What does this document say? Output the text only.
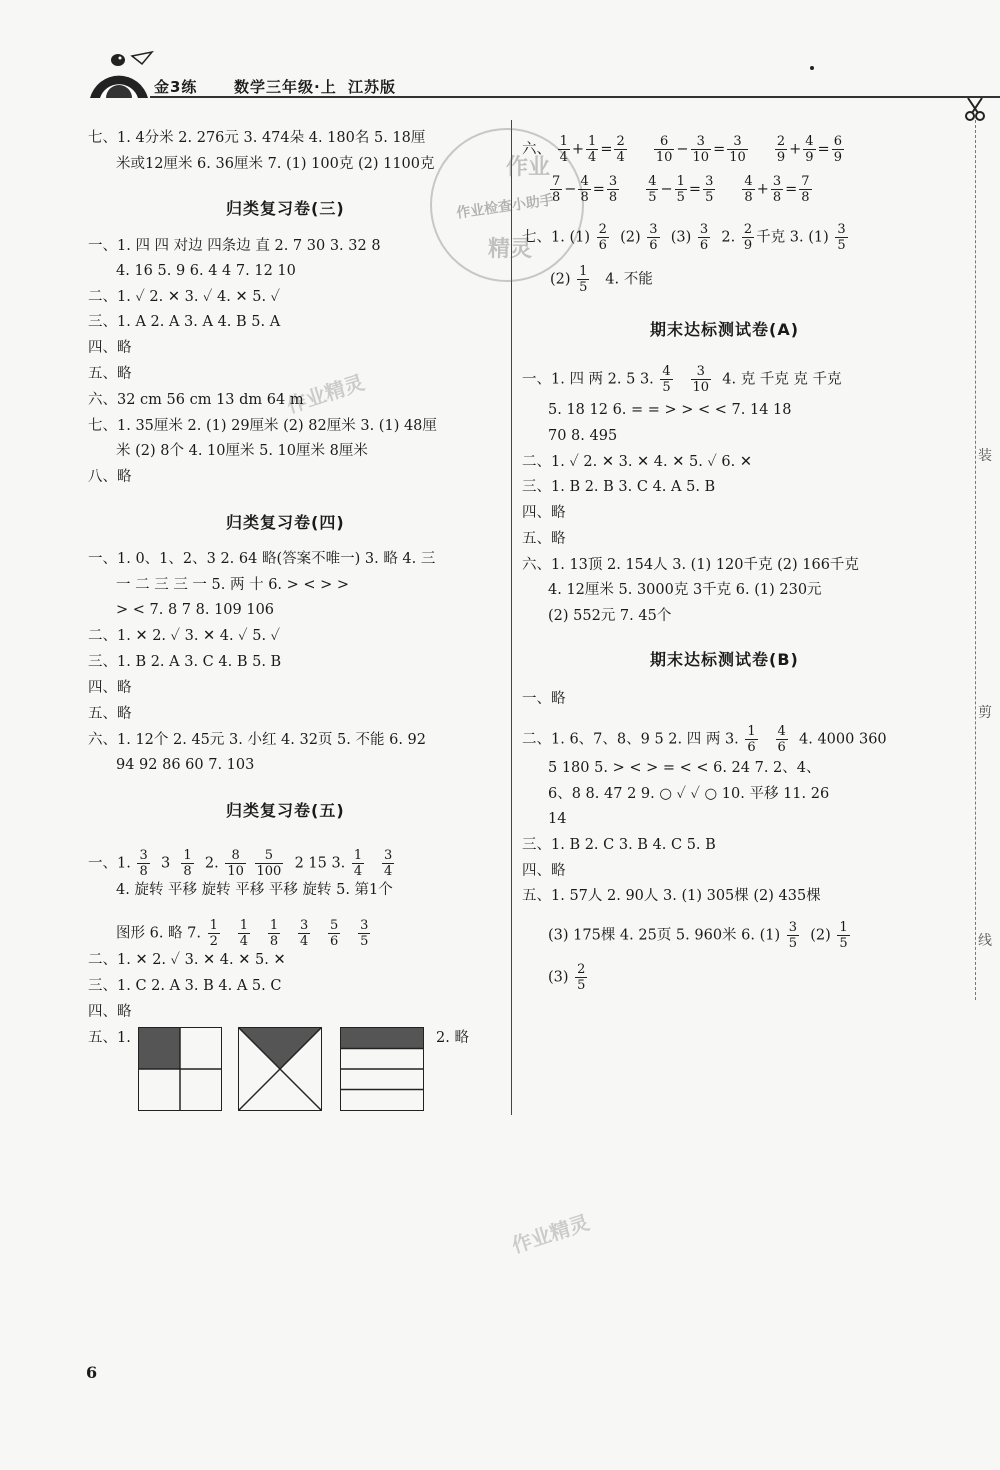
金3练 数学三年级·上 江苏版
作业
作业检查小助手
精灵
作业精灵
作业精灵
七、1. 4分米 2. 276元 3. 474朵 4. 180名 5. 18厘
米或12厘米 6. 36厘米 7. (1) 100克 (2) 1100克
归类复习卷(三)
一、1. 四 四 对边 四条边 直 2. 7 30 3. 32 8
4. 16 5. 9 6. 4 4 7. 12 10
二、1. ✓ 2. ✕ 3. ✓ 4. ✕ 5. ✓
三、1. A 2. A 3. A 4. B 5. A
四、略
五、略
六、32 cm 56 cm 13 dm 64 m
七、1. 35厘米 2. (1) 29厘米 (2) 82厘米 3. (1) 48厘
米 (2) 8个 4. 10厘米 5. 10厘米 8厘米
八、略
归类复习卷(四)
一、1. 0、1、2、3 2. 64 略(答案不唯一) 3. 略 4. 三
一 二 三 三 一 5. 两 十 6. > < > >
> < 7. 8 7 8. 109 106
二、1. ✕ 2. ✓ 3. ✕ 4. ✓ 5. ✓
三、1. B 2. A 3. C 4. B 5. B
四、略
五、略
六、1. 12个 2. 45元 3. 小红 4. 32页 5. 不能 6. 92
94 92 86 60 7. 103
归类复习卷(五)
一、1. $\frac{3}{8} 3 \frac{1}{8} 2$. $\frac{8}{10}$
$\frac{5}{100} 2$ 15 3. $\frac{1}{4}$
$\frac{3}{4}$
4. 旋转 平移 旋转 平移 平移 旋转 5. 第1个
图形 6. 略 7. $\frac{1}{2}$
$\frac{1}{4}$
$\frac{1}{8}$
$\frac{3}{4}$
$\frac{5}{6}$
$\frac{3}{5}$
二、1. ✕ 2. ✓ 3. ✕ 4. ✕ 5. ✕
三、1. C 2. A 3. B 4. A 5. C
四、略
五、1.	2. 略
六、 $\frac{1}{4} + \frac{1}{4} = \frac{2}{4}$
$\frac{6}{10} - \frac{3}{10} = \frac{3}{10}$
$\frac{2}{9} + \frac{4}{9} = \frac{6}{9}$
$\frac{7}{8} - \frac{4}{8} = \frac{3}{8}$
$\frac{4}{5} - \frac{1}{5} = \frac{3}{5}$
$\frac{4}{8} + \frac{3}{8} = \frac{7}{8}$
七、1. $(1) \frac{2}{6} (2) \frac{3}{6} (3) \frac{3}{6} 2$. $\frac{2}{9}$ 千克 3. $(1) \frac{3}{5}$
$(2) \frac{1}{5} 4$. 不能
期末达标测试卷(A)
一、1. 四 两 2. 5 3. $\frac{4}{5}$
$\frac{3}{10} 4$. 克 千克 克 千克
5. 18 12 6. = = > > < < 7. 14 18
70 8. 495
二、1. ✓ 2. ✕ 3. ✕ 4. ✕ 5. ✓ 6. ✕
三、1. B 2. B 3. C 4. A 5. B
四、略
五、略
六、1. 13顶 2. 154人 3. (1) 120千克 (2) 166千克
4. 12厘米 5. 3000克 3千克 6. (1) 230元
(2) 552元 7. 45个
期末达标测试卷(B)
一、略
二、1. 6、7、8、9 5 2. 四 两 3. $\frac{1}{6}$
$\frac{4}{6} 4$. 4000 360
5 180 5. > < > = < < 6. 24 7. 2、4、
6、8 8. 47 2 9. ○ ✓ ✓ ○ 10. 平移 11. 26
14
三、1. B 2. C 3. B 4. C 5. B
四、略
五、1. 57人 2. 90人 3. (1) 305棵 (2) 435棵
(3) 175棵 4. 25页 5. 960米 6. $(1) \frac{3}{5} (2) \frac{1}{5}$
$(3) \frac{2}{5}$
装
剪
线
6
